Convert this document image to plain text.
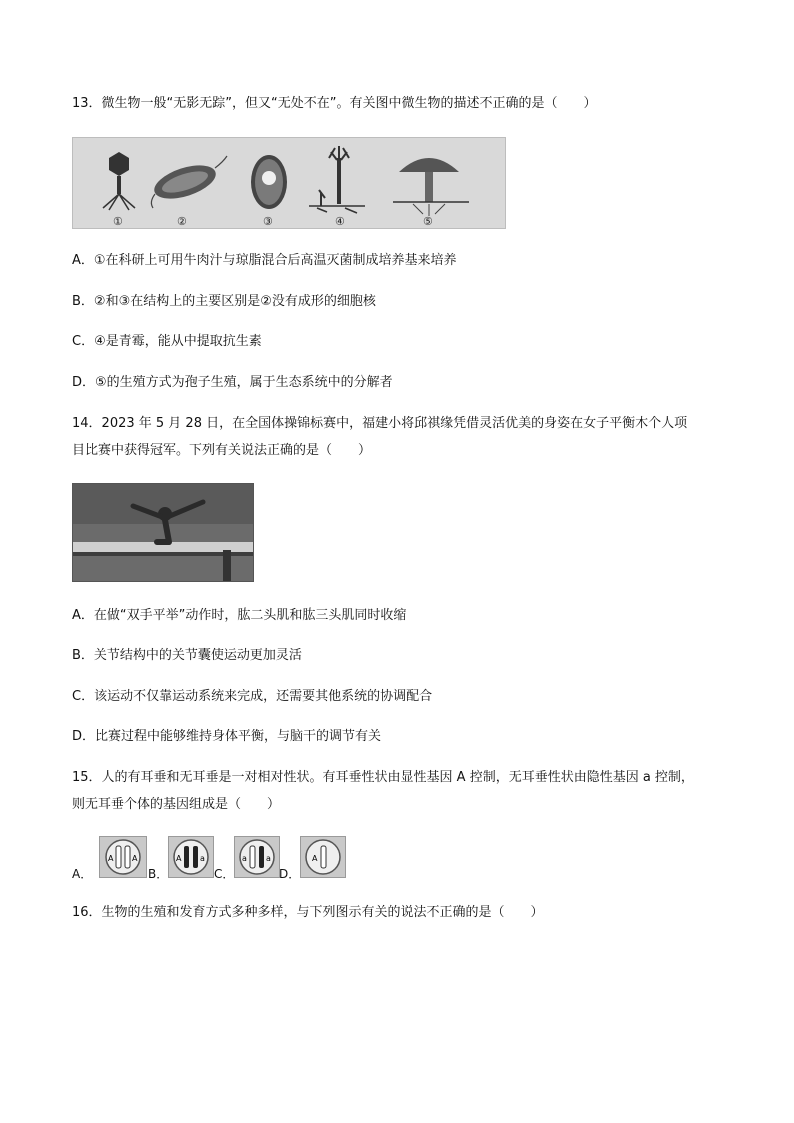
13．微生物一般“无影无踪”，但又“无处不在”。有关图中微生物的描述不正确的是（　　）
①	②	③	④	⑤
A．①在科研上可用牛肉汁与琼脂混合后高温灭菌制成培养基来培养
B．②和③在结构上的主要区别是②没有成形的细胞核
C．④是青霉，能从中提取抗生素
D．⑤的生殖方式为孢子生殖，属于生态系统中的分解者
14．2023 年 5 月 28 日，在全国体操锦标赛中，福建小将邱祺缘凭借灵活优美的身姿在女子平衡木个人项
目比赛中获得冠军。下列有关说法正确的是（　　）
A．在做“双手平举”动作时，肱二头肌和肱三头肌同时收缩
B．关节结构中的关节囊使运动更加灵活
C．该运动不仅靠运动系统来完成，还需要其他系统的协调配合
D．比赛过程中能够维持身体平衡，与脑干的调节有关
15．人的有耳垂和无耳垂是一对相对性状。有耳垂性状由显性基因 A 控制，无耳垂性状由隐性基因 a 控制，
则无耳垂个体的基因组成是（　　）
A．
A A
B．
A a
C．
a a
D．
A
16．生物的生殖和发育方式多种多样，与下列图示有关的说法不正确的是（　　）
